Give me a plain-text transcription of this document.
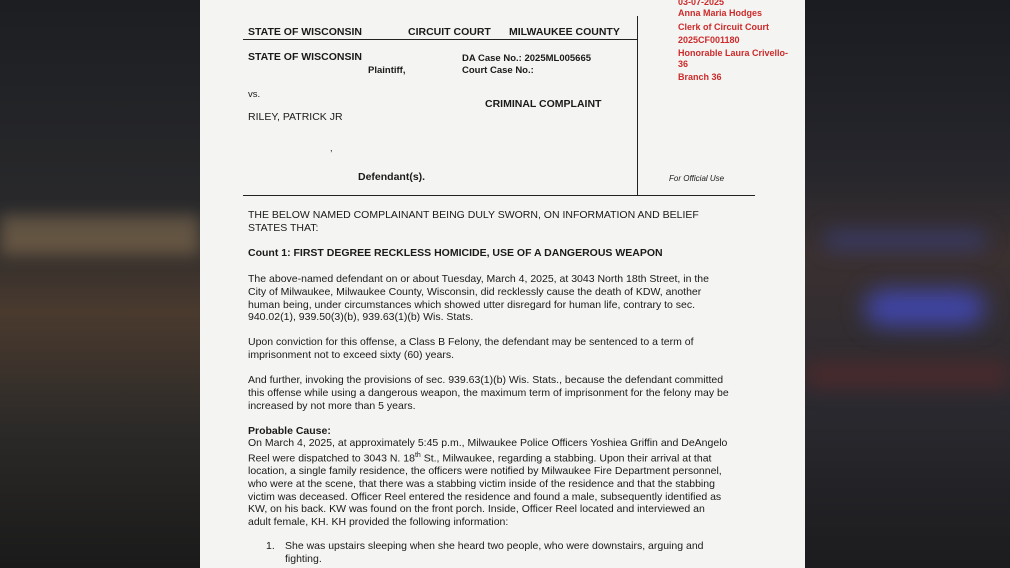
STATE OF WISCONSIN	CIRCUIT COURT MILWAUKEE COUNTY
03-07-2025
Anna Maria Hodges
Clerk of Circuit Court
2025CF001180
Honorable Laura Crivello-
36
Branch 36
STATE OF WISCONSIN
Plaintiff,
DA Case No.: 2025ML005665
Court Case No.:
vs.
CRIMINAL COMPLAINT
RILEY, PATRICK JR
,
Defendant(s).	For Official Use
THE BELOW NAMED COMPLAINANT BEING DULY SWORN, ON INFORMATION AND BELIEF
STATES THAT:
Count 1: FIRST DEGREE RECKLESS HOMICIDE, USE OF A DANGEROUS WEAPON
The above-named defendant on or about Tuesday, March 4, 2025, at 3043 North 18th Street, in the
City of Milwaukee, Milwaukee County, Wisconsin, did recklessly cause the death of KDW, another
human being, under circumstances which showed utter disregard for human life, contrary to sec.
940.02(1), 939.50(3)(b), 939.63(1)(b) Wis. Stats.
Upon conviction for this offense, a Class B Felony, the defendant may be sentenced to a term of
imprisonment not to exceed sixty (60) years.
And further, invoking the provisions of sec. 939.63(1)(b) Wis. Stats., because the defendant committed
this offense while using a dangerous weapon, the maximum term of imprisonment for the felony may be
increased by not more than 5 years.
Probable Cause:
On March 4, 2025, at approximately 5:45 p.m., Milwaukee Police Officers Yoshiea Griffin and DeAngelo
Reel were dispatched to 3043 N. 18th St., Milwaukee, regarding a stabbing. Upon their arrival at that
location, a single family residence, the officers were notified by Milwaukee Fire Department personnel,
who were at the scene, that there was a stabbing victim inside of the residence and that the stabbing
victim was deceased. Officer Reel entered the residence and found a male, subsequently identified as
KW, on his back. KW was found on the front porch. Inside, Officer Reel located and interviewed an
adult female, KH. KH provided the following information:
1. She was upstairs sleeping when she heard two people, who were downstairs, arguing and
fighting.
